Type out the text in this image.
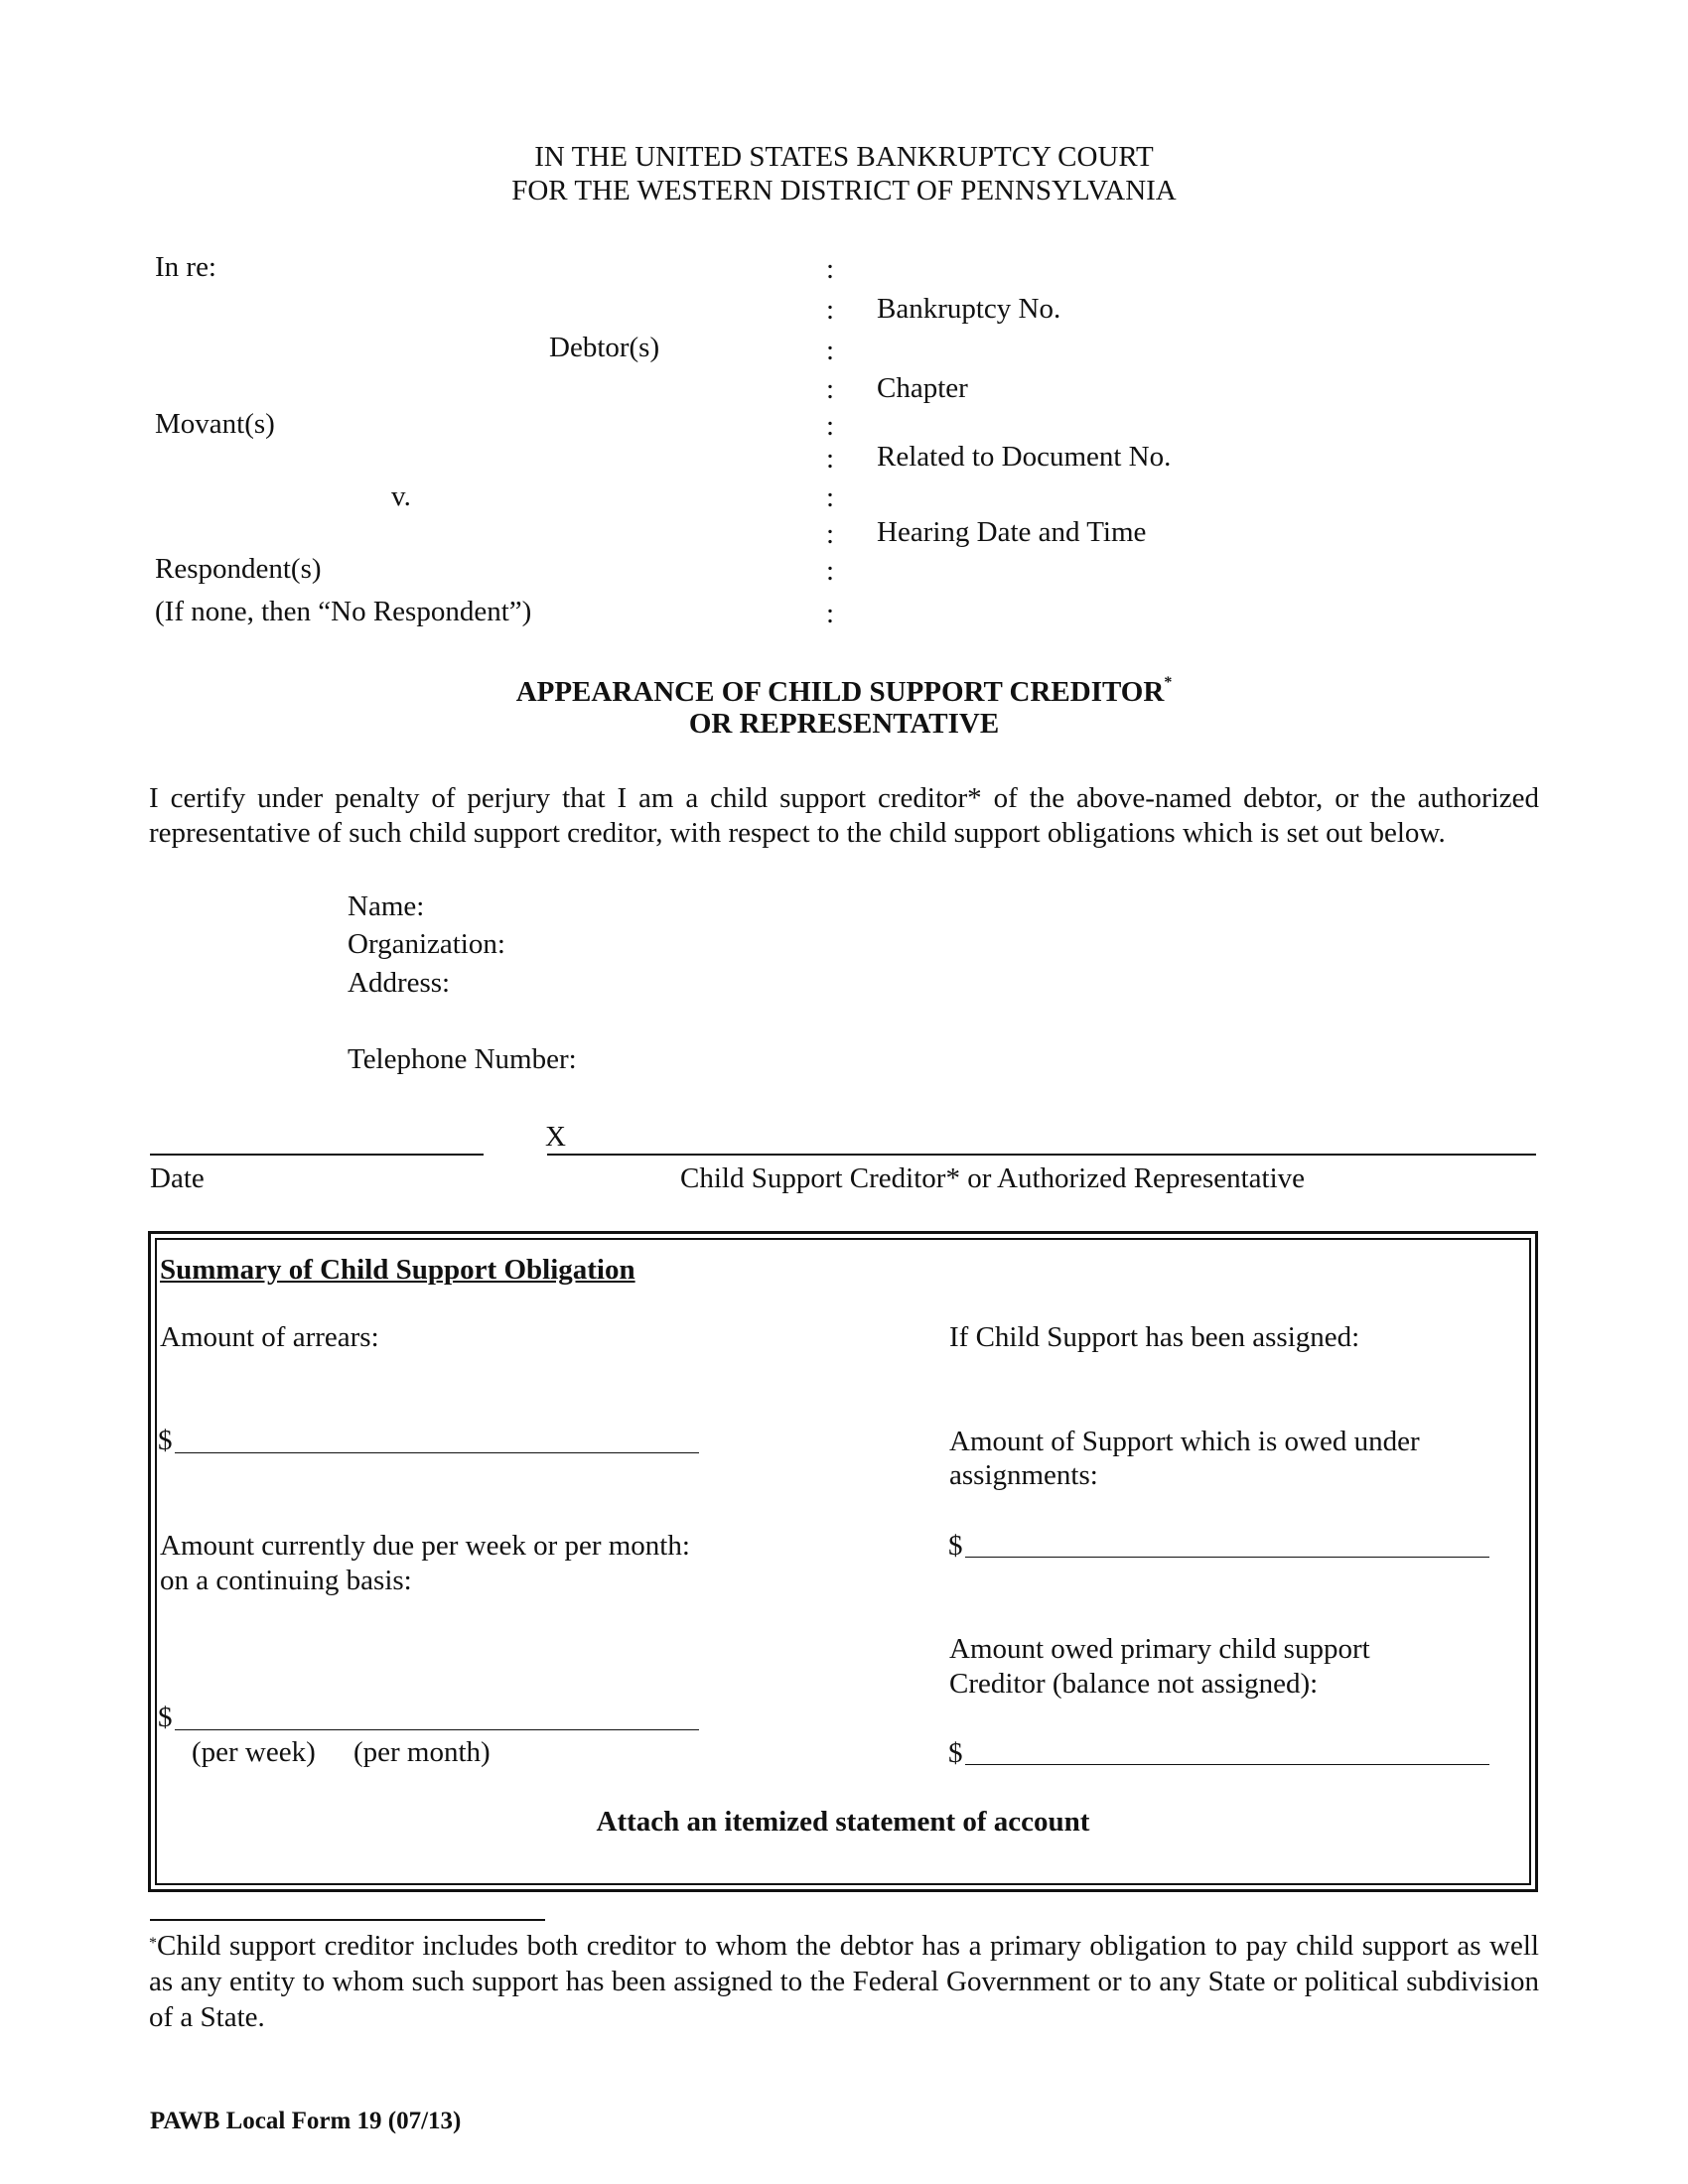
IN THE UNITED STATES BANKRUPTCY COURT
FOR THE WESTERN DISTRICT OF PENNSYLVANIA
In re:
Debtor(s)
Movant(s)
v.
Respondent(s)
(If none, then “No Respondent”)
:
:
:
:
:
:
:
:
:
:
Bankruptcy No.
Chapter
Related to Document No.
Hearing Date and Time
APPEARANCE OF CHILD SUPPORT CREDITOR*
OR REPRESENTATIVE
I certify under penalty of perjury that I am a child support creditor* of the above-named debtor, or the authorized representative of such child support creditor, with respect to the child support obligations which is set out below.
Name:
Organization:
Address:
Telephone Number:
X
Date	Child Support Creditor* or Authorized Representative
Summary of Child Support Obligation
Amount of arrears:
$
Amount currently due per week or per month:
on a continuing basis:
$
(per week) (per month)
If Child Support has been assigned:
Amount of Support which is owed under
assignments:
$
Amount owed primary child support
Creditor (balance not assigned):
$
Attach an itemized statement of account
*Child support creditor includes both creditor to whom the debtor has a primary obligation to pay child support as well as any entity to whom such support has been assigned to the Federal Government or to any State or political subdivision of a State.
PAWB Local Form 19 (07/13)
